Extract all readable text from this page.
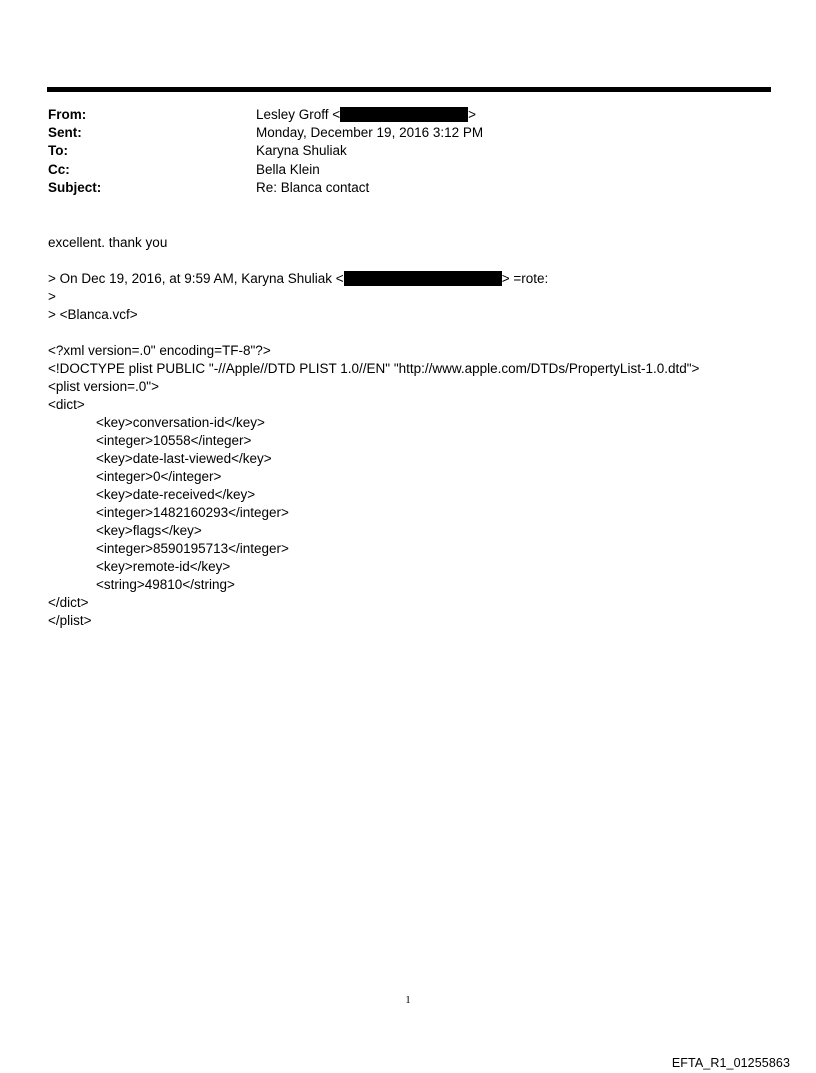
From:	Lesley Groff <	>
Sent:	Monday, December 19, 2016 3:12 PM
To:	Karyna Shuliak
Cc:	Bella Klein
Subject:	Re: Blanca contact
excellent. thank you
> On Dec 19, 2016, at 9:59 AM, Karyna Shuliak <	> =rote:
>
> <Blanca.vcf>
<?xml version=.0" encoding=TF-8"?>
<!DOCTYPE plist PUBLIC "-//Apple//DTD PLIST 1.0//EN" "http://www.apple.com/DTDs/PropertyList-1.0.dtd">
<plist version=.0">
<dict>
<key>conversation-id</key>
<integer>10558</integer>
<key>date-last-viewed</key>
<integer>0</integer>
<key>date-received</key>
<integer>1482160293</integer>
<key>flags</key>
<integer>8590195713</integer>
<key>remote-id</key>
<string>49810</string>
</dict>
</plist>
1
EFTA_R1_01255863
